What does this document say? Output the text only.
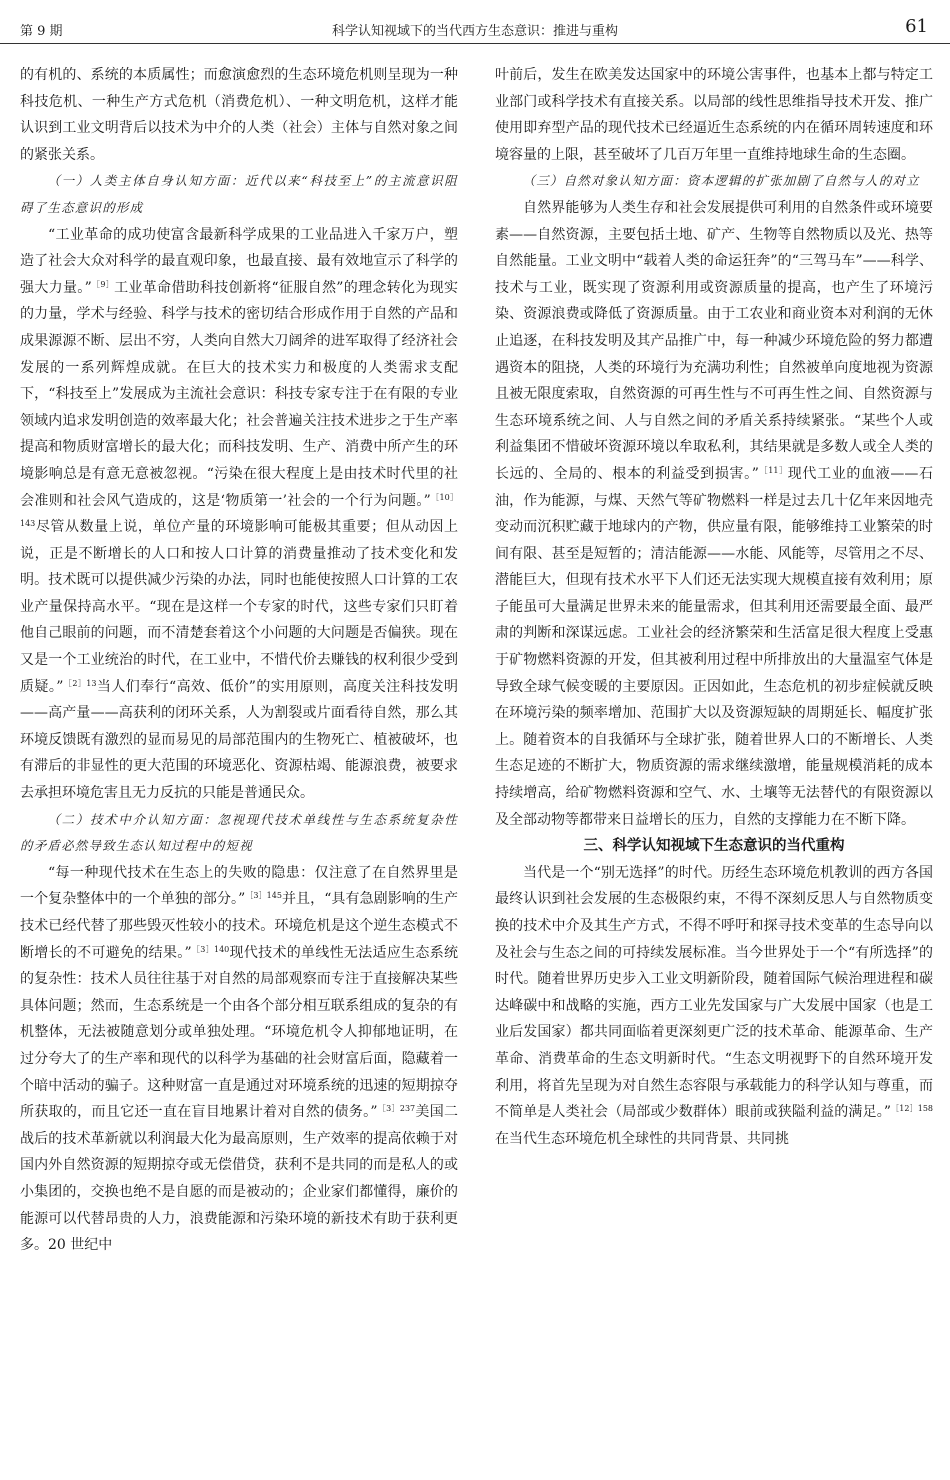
第 9 期	科学认知视域下的当代西方生态意识：推进与重构	61

的有机的、系统的本质属性；而愈演愈烈的生态环境危机则呈现为一种科技危机、一种生产方式危机（消费危机）、一种文明危机，这样才能认识到工业文明背后以技术为中介的人类（社会）主体与自然对象之间的紧张关系。

（一）人类主体自身认知方面：近代以来“科技至上”的主流意识阻碍了生态意识的形成

“工业革命的成功使富含最新科学成果的工业品进入千家万户，塑造了社会大众对科学的最直观印象，也最直接、最有效地宣示了科学的强大力量。”$^{[9]}$工业革命借助科技创新将“征服自然”的理念转化为现实的力量，学术与经验、科学与技术的密切结合形成作用于自然的产品和成果源源不断、层出不穷，人类向自然大刀阔斧的进军取得了经济社会发展的一系列辉煌成就。在巨大的技术实力和极度的人类需求支配下，“科技至上”发展成为主流社会意识：科技专家专注于在有限的专业领域内追求发明创造的效率最大化；社会普遍关注技术进步之于生产率提高和物质财富增长的最大化；而科技发明、生产、消费中所产生的环境影响总是有意无意被忽视。“污染在很大程度上是由技术时代里的社会准则和社会风气造成的，这是‘物质第一’社会的一个行为问题。”$^{[10]143}$尽管从数量上说，单位产量的环境影响可能极其重要；但从动因上说，正是不断增长的人口和按人口计算的消费量推动了技术变化和发明。技术既可以提供减少污染的办法，同时也能使按照人口计算的工农业产量保持高水平。“现在是这样一个专家的时代，这些专家们只盯着他自己眼前的问题，而不清楚套着这个小问题的大问题是否偏狭。现在又是一个工业统治的时代，在工业中，不惜代价去赚钱的权利很少受到质疑。”$^{[2]13}$当人们奉行“高效、低价”的实用原则，高度关注科技发明——高产量——高获利的闭环关系，人为割裂或片面看待自然，那么其环境反馈既有激烈的显而易见的局部范围内的生物死亡、植被破坏，也有滞后的非显性的更大范围的环境恶化、资源枯竭、能源浪费，被要求去承担环境危害且无力反抗的只能是普通民众。

（二）技术中介认知方面：忽视现代技术单线性与生态系统复杂性的矛盾必然导致生态认知过程中的短视

“每一种现代技术在生态上的失败的隐患：仅注意了在自然界里是一个复杂整体中的一个单独的部分。”$^{[3]145}$并且，“具有急剧影响的生产技术已经代替了那些毁灭性较小的技术。环境危机是这个逆生态模式不断增长的不可避免的结果。”$^{[3]140}$现代技术的单线性无法适应生态系统的复杂性：技术人员往往基于对自然的局部观察而专注于直接解决某些具体问题；然而，生态系统是一个由各个部分相互联系组成的复杂的有机整体，无法被随意划分或单独处理。“环境危机令人抑郁地证明，在过分夸大了的生产率和现代的以科学为基础的社会财富后面，隐藏着一个暗中活动的骗子。这种财富一直是通过对环境系统的迅速的短期掠夺所获取的，而且它还一直在盲目地累计着对自然的债务。”$^{[3]237}$美国二战后的技术革新就以利润最大化为最高原则，生产效率的提高依赖于对国内外自然资源的短期掠夺或无偿借贷，获利不是共同的而是私人的或小集团的，交换也绝不是自愿的而是被动的；企业家们都懂得，廉价的能源可以代替昂贵的人力，浪费能源和污染环境的新技术有助于获利更多。20 世纪中

叶前后，发生在欧美发达国家中的环境公害事件，也基本上都与特定工业部门或科学技术有直接关系。以局部的线性思维指导技术开发、推广使用即弃型产品的现代技术已经逼近生态系统的内在循环周转速度和环境容量的上限，甚至破坏了几百万年里一直维持地球生命的生态圈。

（三）自然对象认知方面：资本逻辑的扩张加剧了自然与人的对立

自然界能够为人类生存和社会发展提供可利用的自然条件或环境要素——自然资源，主要包括土地、矿产、生物等自然物质以及光、热等自然能量。工业文明中“载着人类的命运狂奔”的“三驾马车”——科学、技术与工业，既实现了资源利用或资源质量的提高，也产生了环境污染、资源浪费或降低了资源质量。由于工农业和商业资本对利润的无休止追逐，在科技发明及其产品推广中，每一种减少环境危险的努力都遭遇资本的阻挠，人类的环境行为充满功利性；自然被单向度地视为资源且被无限度索取，自然资源的可再生性与不可再生性之间、自然资源与生态环境系统之间、人与自然之间的矛盾关系持续紧张。“某些个人或利益集团不惜破坏资源环境以牟取私利，其结果就是多数人或全人类的长远的、全局的、根本的利益受到损害。”$^{[11]}$现代工业的血液——石油，作为能源，与煤、天然气等矿物燃料一样是过去几十亿年来因地壳变动而沉积贮藏于地球内的产物，供应量有限，能够维持工业繁荣的时间有限、甚至是短暂的；清洁能源——水能、风能等，尽管用之不尽、潜能巨大，但现有技术水平下人们还无法实现大规模直接有效利用；原子能虽可大量满足世界未来的能量需求，但其利用还需要最全面、最严肃的判断和深谋远虑。工业社会的经济繁荣和生活富足很大程度上受惠于矿物燃料资源的开发，但其被利用过程中所排放出的大量温室气体是导致全球气候变暖的主要原因。正因如此，生态危机的初步症候就反映在环境污染的频率增加、范围扩大以及资源短缺的周期延长、幅度扩张上。随着资本的自我循环与全球扩张，随着世界人口的不断增长、人类生态足迹的不断扩大，物质资源的需求继续激增，能量规模消耗的成本持续增高，给矿物燃料资源和空气、水、土壤等无法替代的有限资源以及全部动物等都带来日益增长的压力，自然的支撑能力在不断下降。

三、科学认知视域下生态意识的当代重构

当代是一个“别无选择”的时代。历经生态环境危机教训的西方各国最终认识到社会发展的生态极限约束，不得不深刻反思人与自然物质变换的技术中介及其生产方式，不得不呼吁和探寻技术变革的生态导向以及社会与生态之间的可持续发展标准。当今世界处于一个“有所选择”的时代。随着世界历史步入工业文明新阶段，随着国际气候治理进程和碳达峰碳中和战略的实施，西方工业先发国家与广大发展中国家（也是工业后发国家）都共同面临着更深刻更广泛的技术革命、能源革命、生产革命、消费革命的生态文明新时代。“生态文明视野下的自然环境开发利用，将首先呈现为对自然生态容限与承载能力的科学认知与尊重，而不简单是人类社会（局部或少数群体）眼前或狭隘利益的满足。”$^{[12]158}$在当代生态环境危机全球性的共同背景、共同挑
